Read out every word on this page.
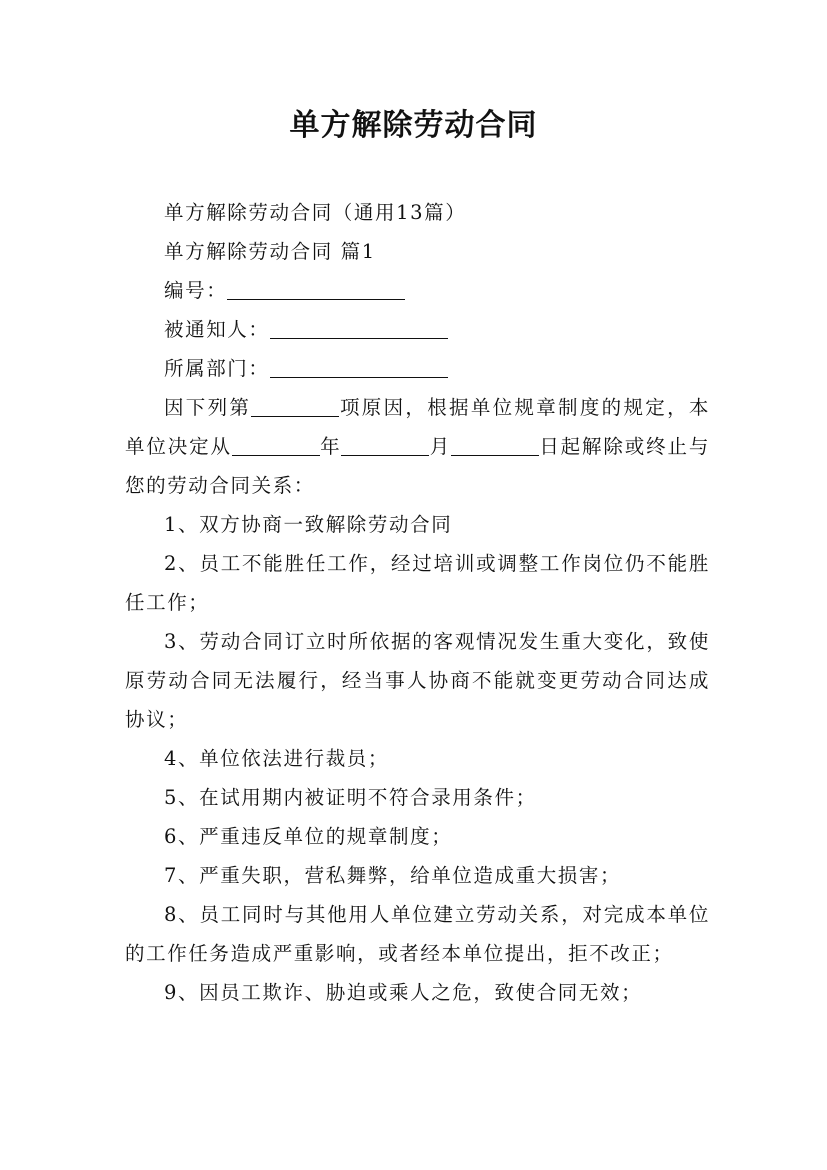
单方解除劳动合同

单方解除劳动合同（通用13篇）

单方解除劳动合同 篇1

编号：

被通知人：

所属部门：

因下列第	项原因，根据单位规章制度的规定，本单位决定从	年	月	日起解除或终止与您的劳动合同关系：

1、双方协商一致解除劳动合同

2、员工不能胜任工作，经过培训或调整工作岗位仍不能胜任工作；

3、劳动合同订立时所依据的客观情况发生重大变化，致使原劳动合同无法履行，经当事人协商不能就变更劳动合同达成协议；

4、单位依法进行裁员；

5、在试用期内被证明不符合录用条件；

6、严重违反单位的规章制度；

7、严重失职，营私舞弊，给单位造成重大损害；

8、员工同时与其他用人单位建立劳动关系，对完成本单位的工作任务造成严重影响，或者经本单位提出，拒不改正；

9、因员工欺诈、胁迫或乘人之危，致使合同无效；
